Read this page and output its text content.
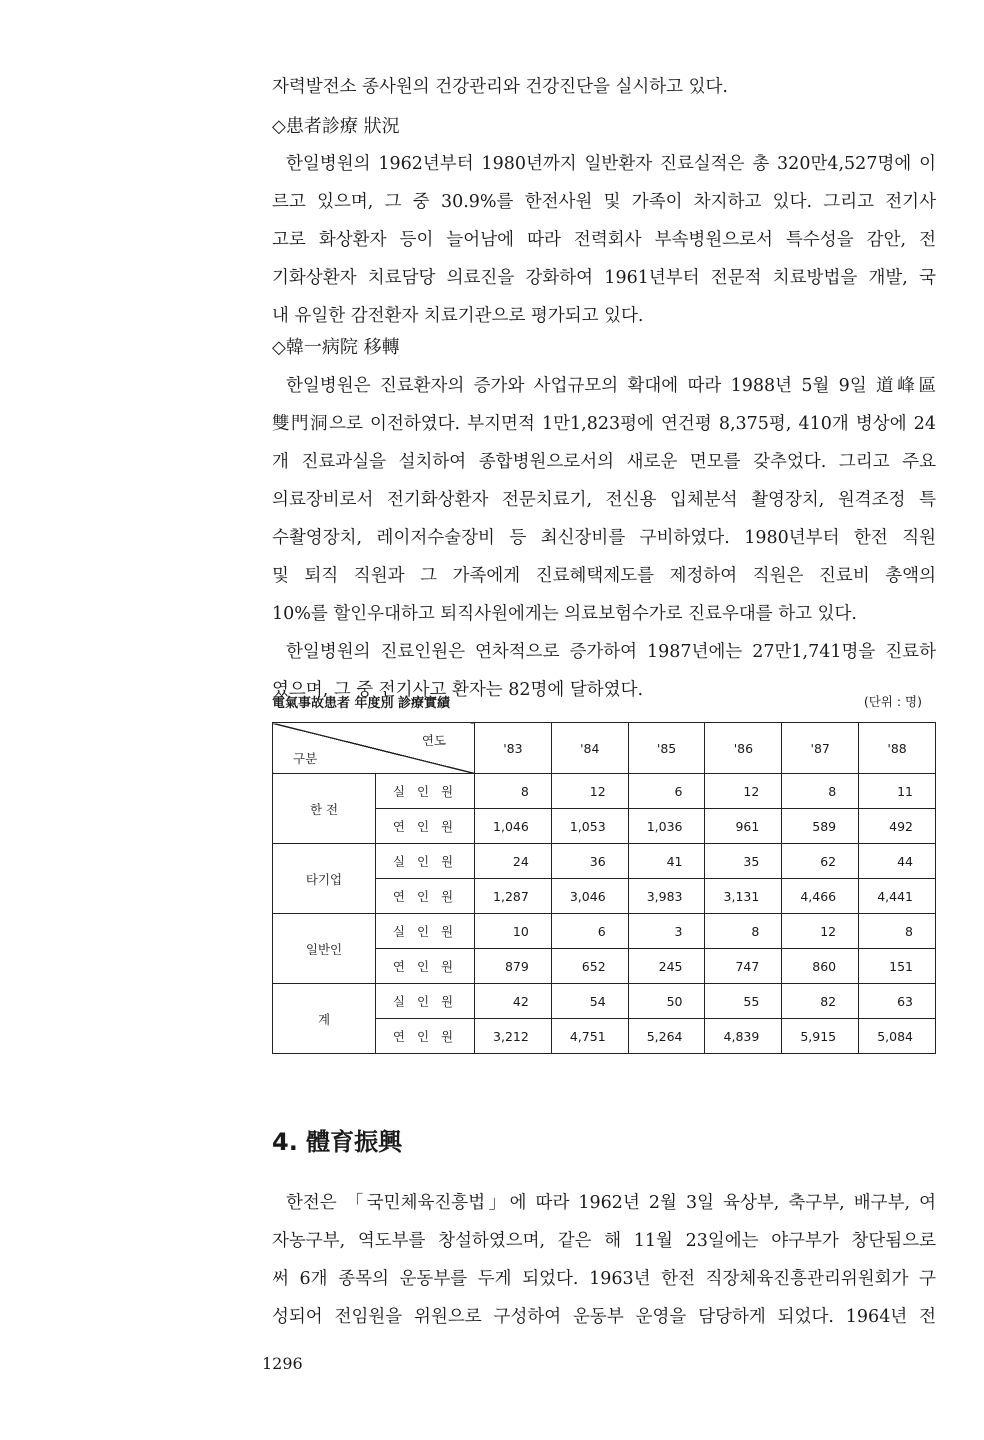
자력발전소 종사원의 건강관리와 건강진단을 실시하고 있다.
◇患者診療 狀況
한일병원의 1962년부터 1980년까지 일반환자 진료실적은 총 320만4,527명에 이
르고 있으며, 그 중 30.9%를 한전사원 및 가족이 차지하고 있다. 그리고 전기사
고로 화상환자 등이 늘어남에 따라 전력회사 부속병원으로서 특수성을 감안, 전
기화상환자 치료담당 의료진을 강화하여 1961년부터 전문적 치료방법을 개발, 국
내 유일한 감전환자 치료기관으로 평가되고 있다.
◇韓一病院 移轉
한일병원은 진료환자의 증가와 사업규모의 확대에 따라 1988년 5월 9일 道峰區
雙門洞으로 이전하였다. 부지면적 1만1,823평에 연건평 8,375평, 410개 병상에 24
개 진료과실을 설치하여 종합병원으로서의 새로운 면모를 갖추었다. 그리고 주요
의료장비로서 전기화상환자 전문치료기, 전신용 입체분석 촬영장치, 원격조정 특
수촬영장치, 레이저수술장비 등 최신장비를 구비하였다. 1980년부터 한전 직원
및 퇴직 직원과 그 가족에게 진료혜택제도를 제정하여 직원은 진료비 총액의
10%를 할인우대하고 퇴직사원에게는 의료보험수가로 진료우대를 하고 있다.
한일병원의 진료인원은 연차적으로 증가하여 1987년에는 27만1,741명을 진료하
였으며, 그 중 전기사고 환자는 82명에 달하였다.
電氣事故患者 年度別 診療實績	(단위 : 명)
연도
구분		'83	'84	'85	'86	'87	'88
한 전	실 인 원	8	12	6	12	8	11
	연 인 원	1,046	1,053	1,036	961	589	492
타기업	실 인 원	24	36	41	35	62	44
	연 인 원	1,287	3,046	3,983	3,131	4,466	4,441
일반인	실 인 원	10	6	3	8	12	8
	연 인 원	879	652	245	747	860	151
계	실 인 원	42	54	50	55	82	63
	연 인 원	3,212	4,751	5,264	4,839	5,915	5,084
4. 體育振興
한전은 「국민체육진흥법」에 따라 1962년 2월 3일 육상부, 축구부, 배구부, 여
자농구부, 역도부를 창설하였으며, 같은 해 11월 23일에는 야구부가 창단됨으로
써 6개 종목의 운동부를 두게 되었다. 1963년 한전 직장체육진흥관리위원회가 구
성되어 전임원을 위원으로 구성하여 운동부 운영을 담당하게 되었다. 1964년 전
1296
